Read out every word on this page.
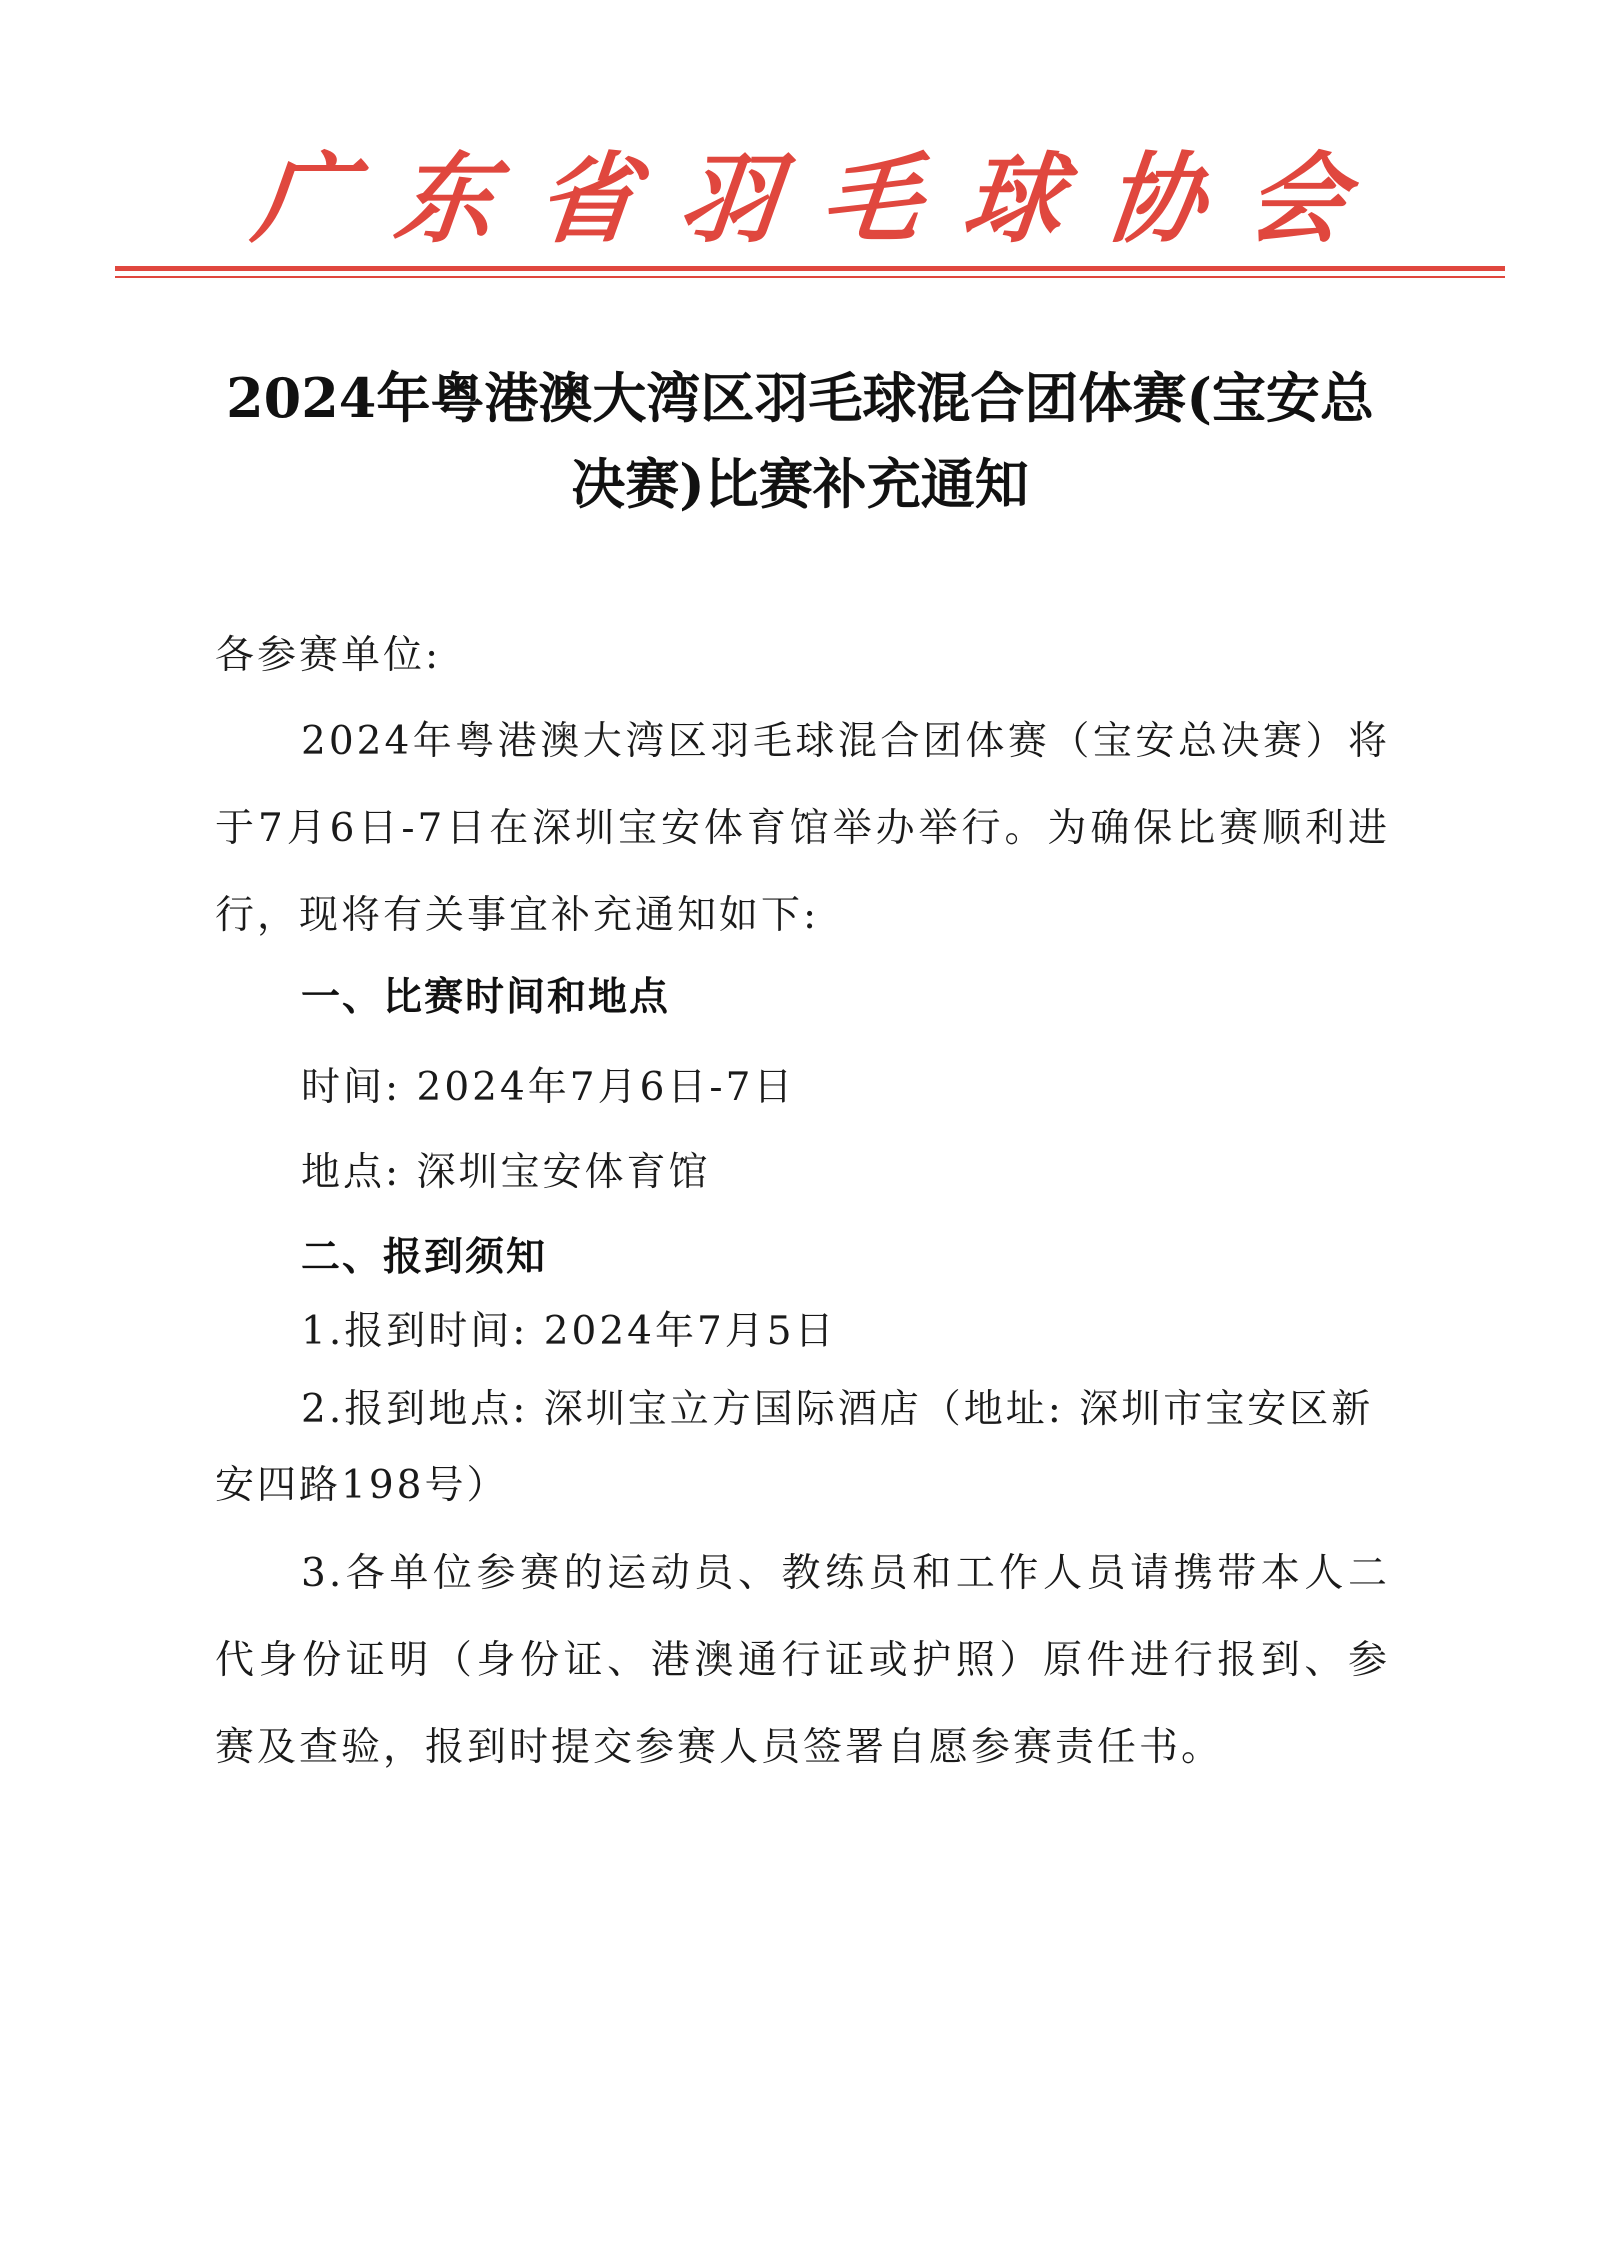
广东省羽毛球协会
2024年粤港澳大湾区羽毛球混合团体赛(宝安总决赛)比赛补充通知
各参赛单位:
2024年粤港澳大湾区羽毛球混合团体赛（宝安总决赛）将于7月6日-7日在深圳宝安体育馆举办举行。为确保比赛顺利进行，现将有关事宜补充通知如下:
一、比赛时间和地点
时间: 2024年7月6日-7日
地点: 深圳宝安体育馆
二、报到须知
1.报到时间: 2024年7月5日
2.报到地点: 深圳宝立方国际酒店（地址: 深圳市宝安区新安四路198号）
3.各单位参赛的运动员、教练员和工作人员请携带本人二代身份证明（身份证、港澳通行证或护照）原件进行报到、参赛及查验，报到时提交参赛人员签署自愿参赛责任书。
